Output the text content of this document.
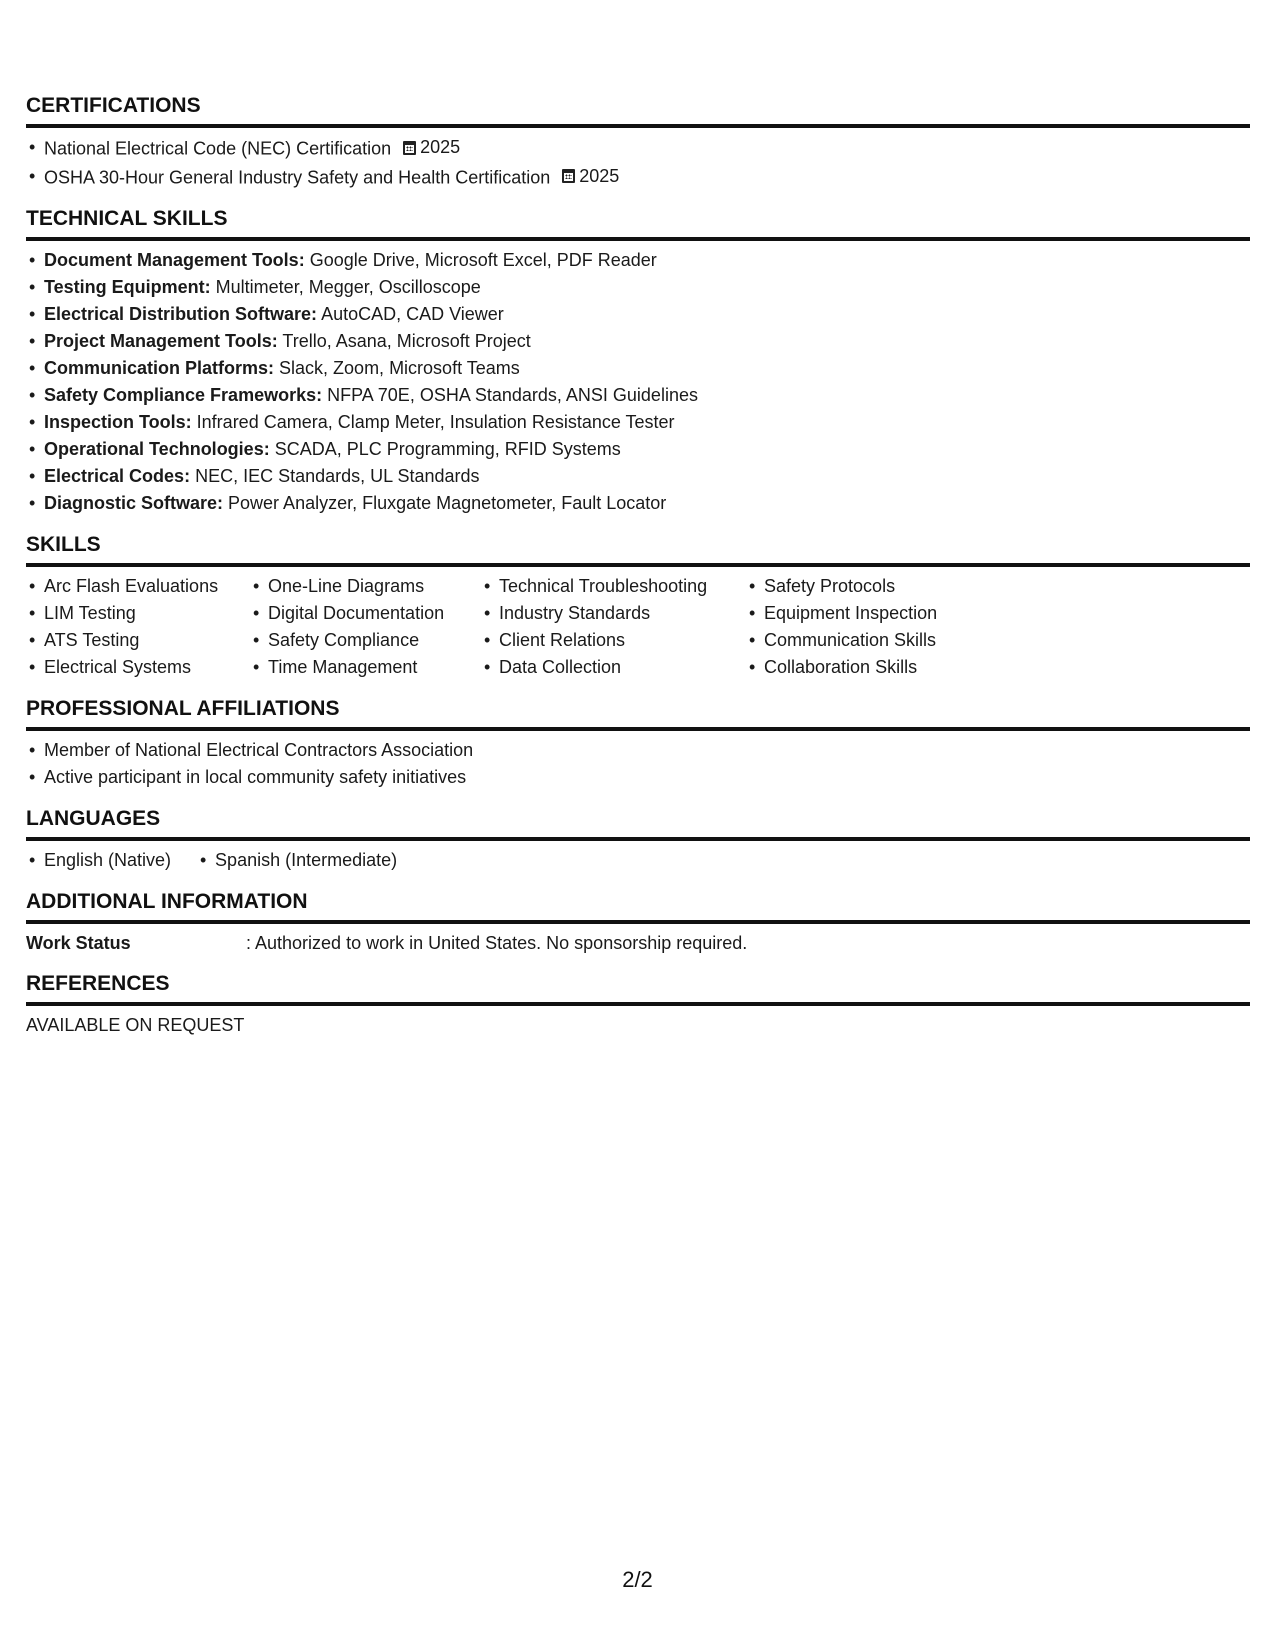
CERTIFICATIONS
• National Electrical Code (NEC) Certification 2025
• OSHA 30-Hour General Industry Safety and Health Certification 2025
TECHNICAL SKILLS
• Document Management Tools: Google Drive, Microsoft Excel, PDF Reader
• Testing Equipment: Multimeter, Megger, Oscilloscope
• Electrical Distribution Software: AutoCAD, CAD Viewer
• Project Management Tools: Trello, Asana, Microsoft Project
• Communication Platforms: Slack, Zoom, Microsoft Teams
• Safety Compliance Frameworks: NFPA 70E, OSHA Standards, ANSI Guidelines
• Inspection Tools: Infrared Camera, Clamp Meter, Insulation Resistance Tester
• Operational Technologies: SCADA, PLC Programming, RFID Systems
• Electrical Codes: NEC, IEC Standards, UL Standards
• Diagnostic Software: Power Analyzer, Fluxgate Magnetometer, Fault Locator
SKILLS
• Arc Flash Evaluations
• LIM Testing
• ATS Testing
• Electrical Systems
• One-Line Diagrams
• Digital Documentation
• Safety Compliance
• Time Management
• Technical Troubleshooting
• Industry Standards
• Client Relations
• Data Collection
• Safety Protocols
• Equipment Inspection
• Communication Skills
• Collaboration Skills
PROFESSIONAL AFFILIATIONS
• Member of National Electrical Contractors Association
• Active participant in local community safety initiatives
LANGUAGES
• English (Native)
•	Spanish (Intermediate)
ADDITIONAL INFORMATION
Work Status	: Authorized to work in United States. No sponsorship required.
REFERENCES
AVAILABLE ON REQUEST
2/2
